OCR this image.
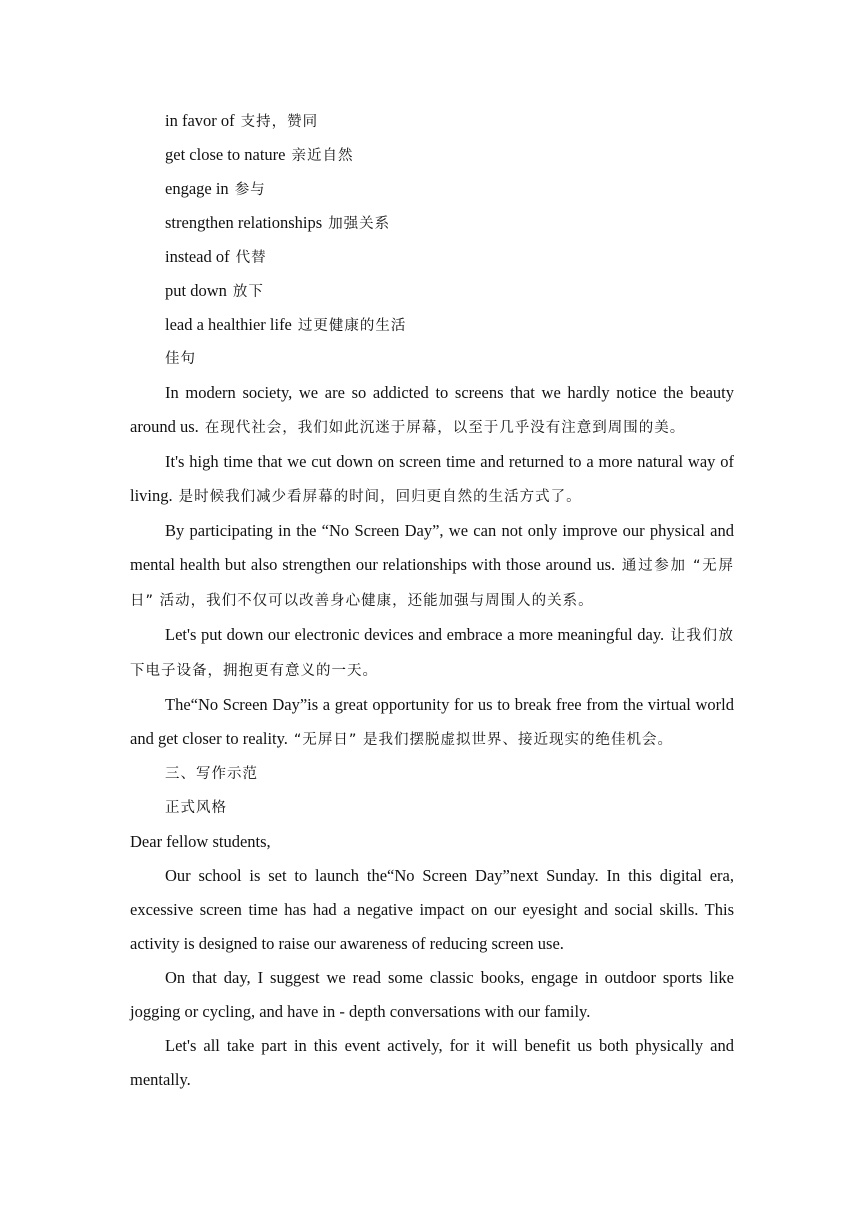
in favor of 支持，赞同
get close to nature 亲近自然
engage in 参与
strengthen relationships 加强关系
instead of 代替
put down 放下
lead a healthier life 过更健康的生活
佳句

In modern society, we are so addicted to screens that we hardly notice the beauty around us. 在现代社会，我们如此沉迷于屏幕，以至于几乎没有注意到周围的美。

It's high time that we cut down on screen time and returned to a more natural way of living. 是时候我们减少看屏幕的时间，回归更自然的生活方式了。

By participating in the “No Screen Day”, we can not only improve our physical and mental health but also strengthen our relationships with those around us. 通过参加 “无屏日” 活动，我们不仅可以改善身心健康，还能加强与周围人的关系。

Let's put down our electronic devices and embrace a more meaningful day. 让我们放下电子设备，拥抱更有意义的一天。

The“No Screen Day”is a great opportunity for us to break free from the virtual world and get closer to reality. “无屏日” 是我们摆脱虚拟世界、接近现实的绝佳机会。

三、写作示范
正式风格
Dear fellow students,

Our school is set to launch the“No Screen Day”next Sunday. In this digital era, excessive screen time has had a negative impact on our eyesight and social skills. This activity is designed to raise our awareness of reducing screen use.

On that day, I suggest we read some classic books, engage in outdoor sports like jogging or cycling, and have in - depth conversations with our family.

Let's all take part in this event actively, for it will benefit us both physically and mentally.
